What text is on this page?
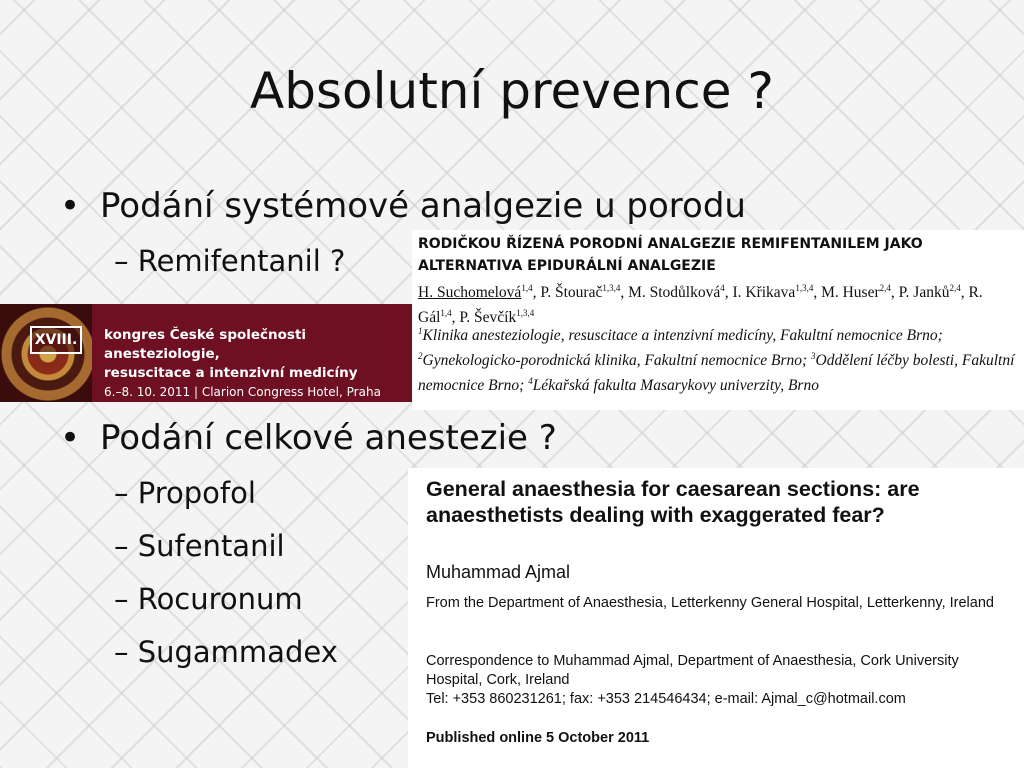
Absolutní prevence ?
• Podání systémové analgezie u porodu
– Remifentanil ?
XVIII.	kongres České společnosti anesteziologie,
resuscitace a intenzivní medicíny
6.–8. 10. 2011 | Clarion Congress Hotel, Praha
RODIČKOU ŘÍZENÁ PORODNÍ ANALGEZIE REMIFENTANILEM JAKO
ALTERNATIVA EPIDURÁLNÍ ANALGEZIE
H. Suchomelová$^{1,4}$, P. Štourač$^{1,3,4}$, M. Stodůlková$^4$, I. Křikava$^{1,3,4}$, M. Huser$^{2,4}$, P. Janků$^{2,4}$, R. Gál$^{1,4}$, P. Ševčík$^{1,3,4}$
$^1$Klinika anesteziologie, resuscitace a intenzivní medicíny, Fakultní nemocnice Brno; $^2$Gynekologicko-porodnická klinika, Fakultní nemocnice Brno; $^3$Oddělení léčby bolesti, Fakultní nemocnice Brno; $^4$Lékařská fakulta Masarykovy univerzity, Brno
• Podání celkové anestezie ?
– Propofol
– Sufentanil
– Rocuronum
– Sugammadex
General anaesthesia for caesarean sections: are anaesthetists dealing with exaggerated fear?
Muhammad Ajmal
From the Department of Anaesthesia, Letterkenny General Hospital, Letterkenny, Ireland
Correspondence to Muhammad Ajmal, Department of Anaesthesia, Cork University Hospital, Cork, Ireland
Tel: +353 860231261; fax: +353 214546434; e-mail: Ajmal_c@hotmail.com
Published online 5 October 2011
